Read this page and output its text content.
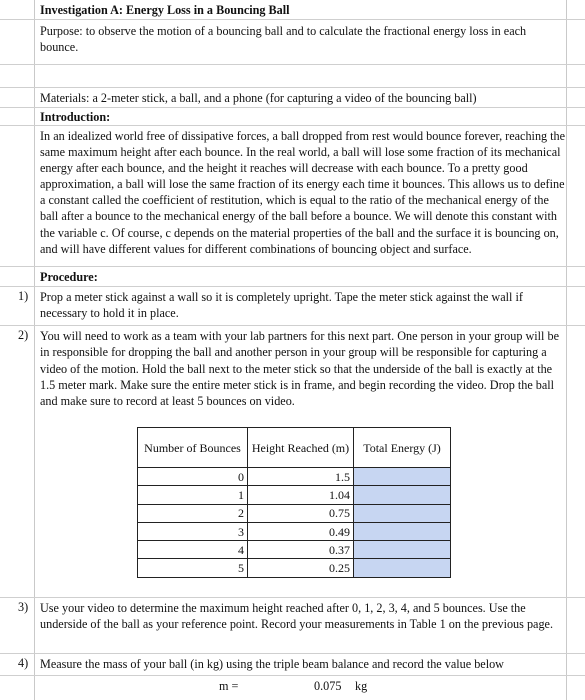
Investigation A: Energy Loss in a Bouncing Ball
Purpose: to observe the motion of a bouncing ball and to calculate the fractional energy loss in each bounce.
Materials: a 2-meter stick, a ball, and a phone (for capturing a video of the bouncing ball)
Introduction:
In an idealized world free of dissipative forces, a ball dropped from rest would bounce forever, reaching the same maximum height after each bounce. In the real world, a ball will lose some fraction of its mechanical energy after each bounce, and the height it reaches will decrease with each bounce. To a pretty good approximation, a ball will lose the same fraction of its energy each time it bounces. This allows us to define a constant called the coefficient of restitution, which is equal to the ratio of the mechanical energy of the ball after a bounce to the mechanical energy of the ball before a bounce. We will denote this constant with the variable c. Of course, c depends on the material properties of the ball and the surface it is bouncing on, and will have different values for different combinations of bouncing object and surface.
Procedure:
1) Prop a meter stick against a wall so it is completely upright. Tape the meter stick against the wall if necessary to hold it in place.
2) You will need to work as a team with your lab partners for this next part. One person in your group will be in responsible for dropping the ball and another person in your group will be responsible for capturing a video of the motion. Hold the ball next to the meter stick so that the underside of the ball is exactly at the 1.5 meter mark. Make sure the entire meter stick is in frame, and begin recording the video. Drop the ball and make sure to record at least 5 bounces on video.
3) Use your video to determine the maximum height reached after 0, 1, 2, 3, 4, and 5 bounces. Use the underside of the ball as your reference point. Record your measurements in Table 1 on the previous page.
4) Measure the mass of your ball (in kg) using the triple beam balance and record the value below
m =	0.075 kg
Number of Bounces	Height Reached (m)	Total Energy (J)
0	1.5	
1	1.04	
2	0.75	
3	0.49	
4	0.37	
5	0.25	
